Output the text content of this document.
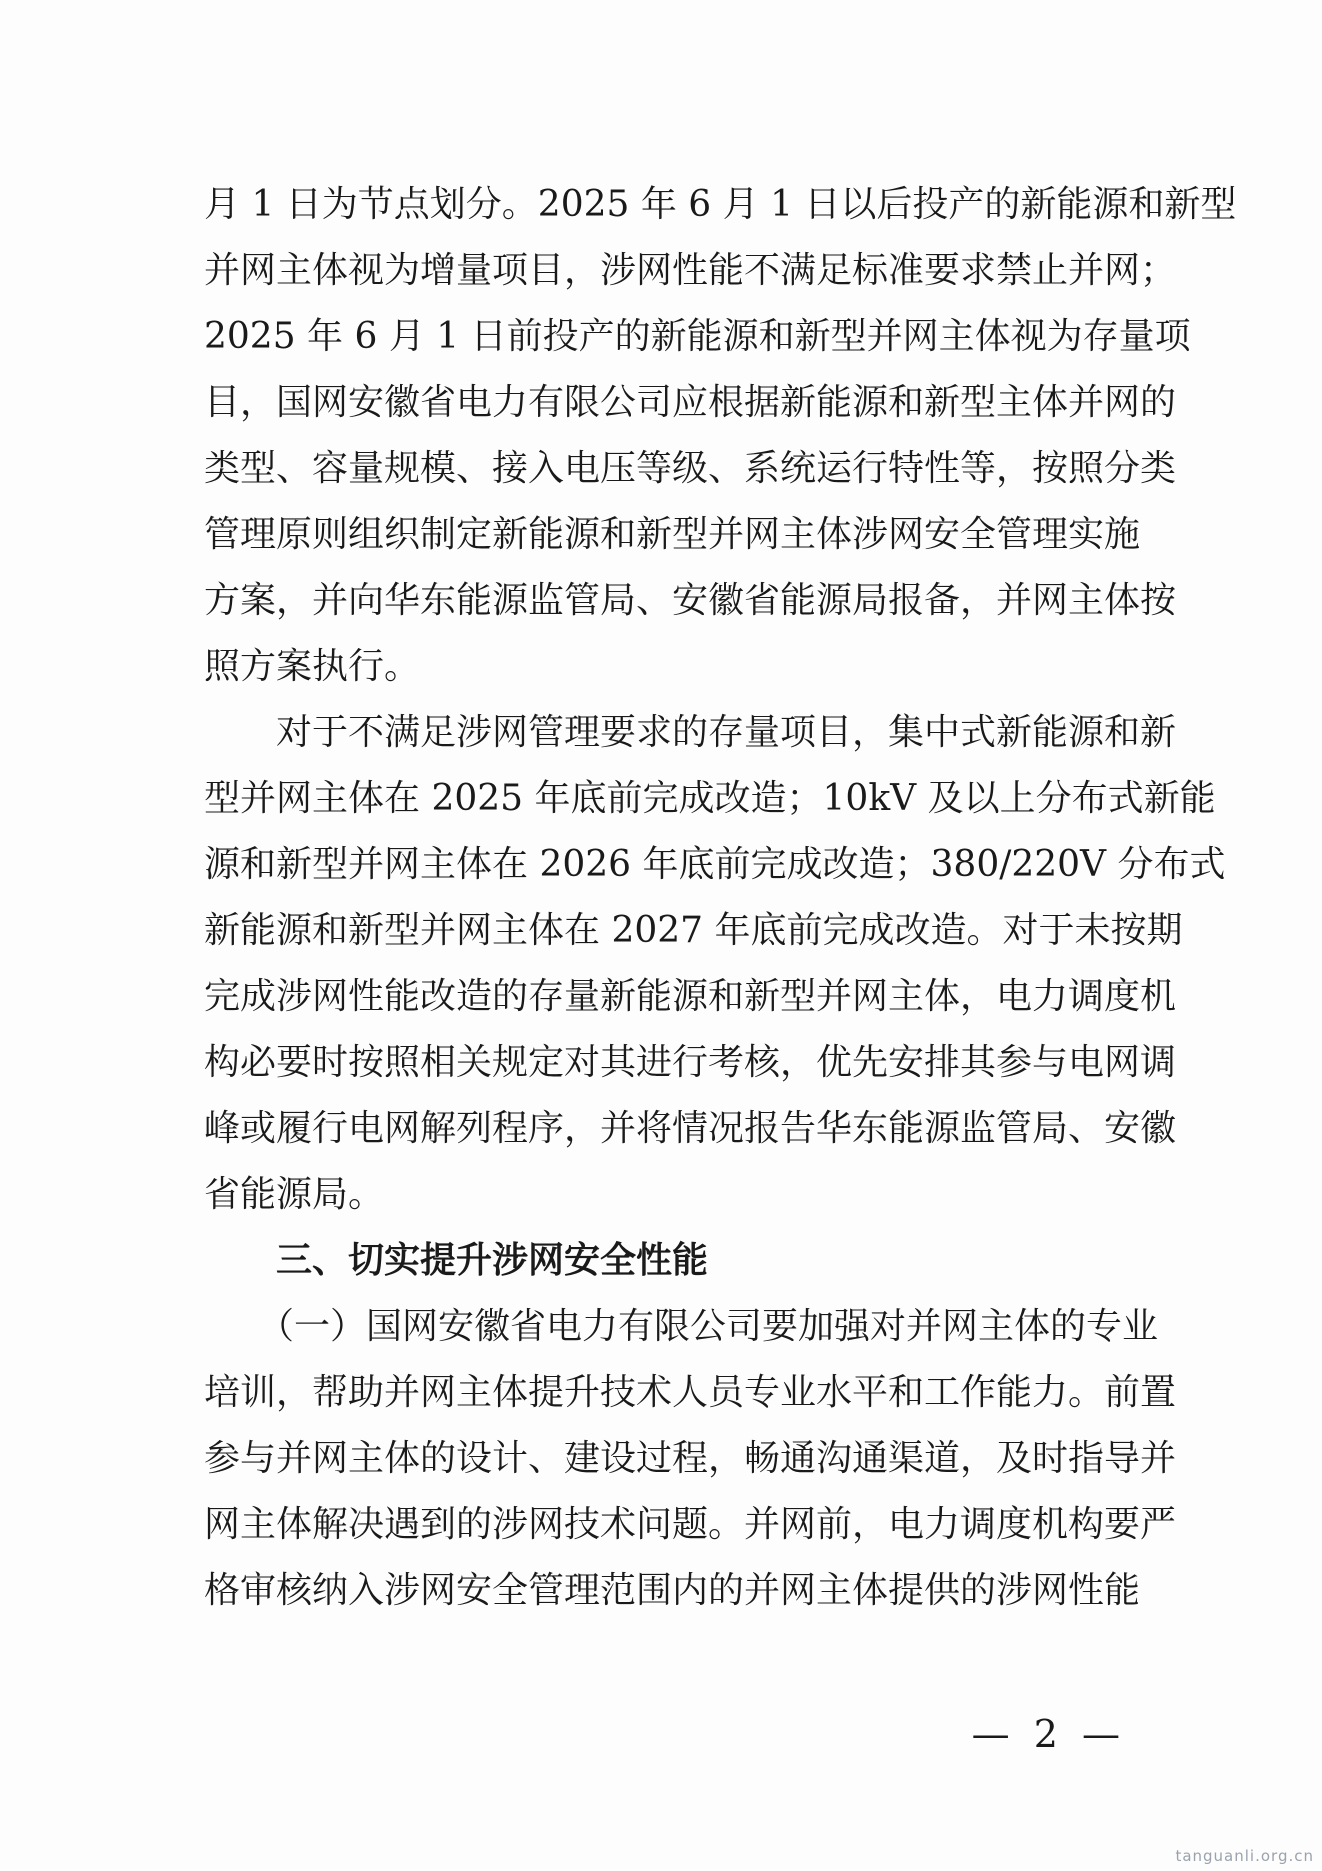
月 1 日为节点划分。2025 年 6 月 1 日以后投产的新能源和新型
并网主体视为增量项目，涉网性能不满足标准要求禁止并网；
2025 年 6 月 1 日前投产的新能源和新型并网主体视为存量项
目，国网安徽省电力有限公司应根据新能源和新型主体并网的
类型、容量规模、接入电压等级、系统运行特性等，按照分类
管理原则组织制定新能源和新型并网主体涉网安全管理实施
方案，并向华东能源监管局、安徽省能源局报备，并网主体按
照方案执行。
　　对于不满足涉网管理要求的存量项目，集中式新能源和新
型并网主体在 2025 年底前完成改造；10kV 及以上分布式新能
源和新型并网主体在 2026 年底前完成改造；380/220V 分布式
新能源和新型并网主体在 2027 年底前完成改造。对于未按期
完成涉网性能改造的存量新能源和新型并网主体，电力调度机
构必要时按照相关规定对其进行考核，优先安排其参与电网调
峰或履行电网解列程序，并将情况报告华东能源监管局、安徽
省能源局。
三、切实提升涉网安全性能
　　（一）国网安徽省电力有限公司要加强对并网主体的专业
培训，帮助并网主体提升技术人员专业水平和工作能力。前置
参与并网主体的设计、建设过程，畅通沟通渠道，及时指导并
网主体解决遇到的涉网技术问题。并网前，电力调度机构要严
格审核纳入涉网安全管理范围内的并网主体提供的涉网性能
— 2 —
tanguanli.org.cn
